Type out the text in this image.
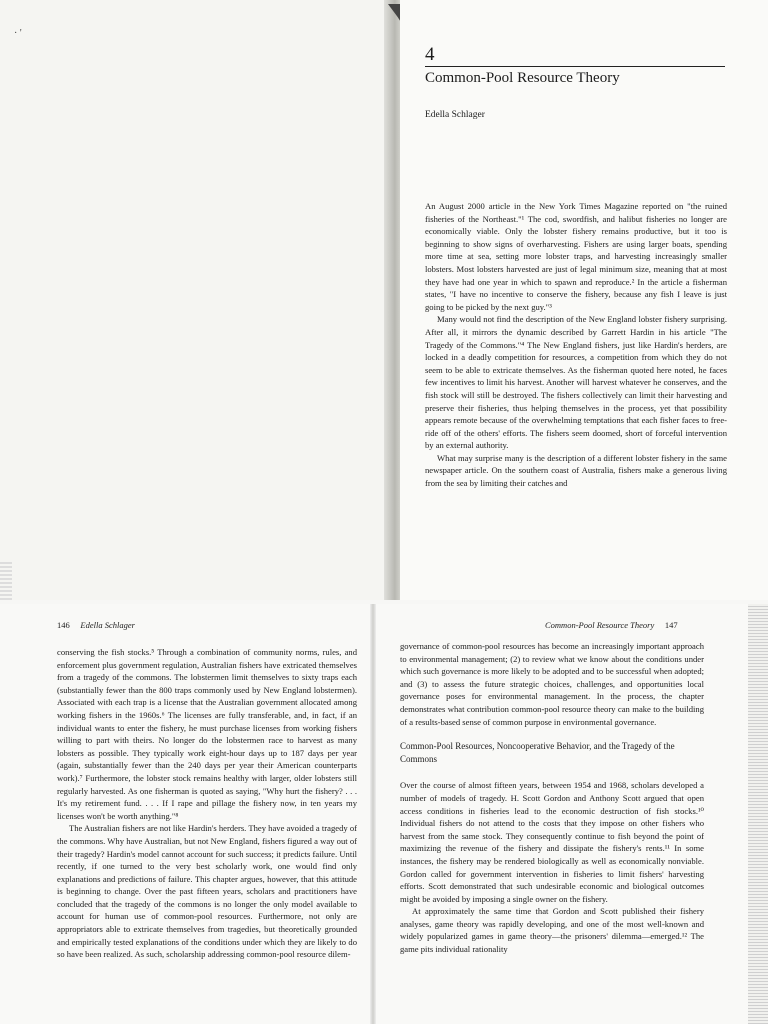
· '
4
Common-Pool Resource Theory
Edella Schlager

An August 2000 article in the New York Times Magazine reported on "the ruined fisheries of the Northeast."¹ The cod, swordfish, and halibut fisheries no longer are economically viable. Only the lobster fishery remains productive, but it too is beginning to show signs of overharvesting. Fishers are using larger boats, spending more time at sea, setting more lobster traps, and harvesting increasingly smaller lobsters. Most lobsters harvested are just of legal minimum size, meaning that at most they have had one year in which to spawn and reproduce.² In the article a fisherman states, "I have no incentive to conserve the fishery, because any fish I leave is just going to be picked by the next guy."³

Many would not find the description of the New England lobster fishery surprising. After all, it mirrors the dynamic described by Garrett Hardin in his article "The Tragedy of the Commons."⁴ The New England fishers, just like Hardin's herders, are locked in a deadly competition for resources, a competition from which they do not seem to be able to extricate themselves. As the fisherman quoted here noted, he faces few incentives to limit his harvest. Another will harvest whatever he conserves, and the fish stock will still be destroyed. The fishers collectively can limit their harvesting and preserve their fisheries, thus helping themselves in the process, yet that possibility appears remote because of the overwhelming temptations that each fisher faces to free-ride off of the others' efforts. The fishers seem doomed, short of forceful intervention by an external authority.

What may surprise many is the description of a different lobster fishery in the same newspaper article. On the southern coast of Australia, fishers make a generous living from the sea by limiting their catches and

146 Edella Schlager

conserving the fish stocks.⁵ Through a combination of community norms, rules, and enforcement plus government regulation, Australian fishers have extricated themselves from a tragedy of the commons. The lobstermen limit themselves to sixty traps each (substantially fewer than the 800 traps commonly used by New England lobstermen). Associated with each trap is a license that the Australian government allocated among working fishers in the 1960s.⁶ The licenses are fully transferable, and, in fact, if an individual wants to enter the fishery, he must purchase licenses from working fishers willing to part with theirs. No longer do the lobstermen race to harvest as many lobsters as possible. They typically work eight-hour days up to 187 days per year (again, substantially fewer than the 240 days per year their American counterparts work).⁷ Furthermore, the lobster stock remains healthy with larger, older lobsters still regularly harvested. As one fisherman is quoted as saying, "Why hurt the fishery? . . . It's my retirement fund. . . . If I rape and pillage the fishery now, in ten years my licenses won't be worth anything."⁸

The Australian fishers are not like Hardin's herders. They have avoided a tragedy of the commons. Why have Australian, but not New England, fishers figured a way out of their tragedy? Hardin's model cannot account for such success; it predicts failure. Until recently, if one turned to the very best scholarly work, one would find only explanations and predictions of failure. This chapter argues, however, that this attitude is beginning to change. Over the past fifteen years, scholars and practitioners have concluded that the tragedy of the commons is no longer the only model available to account for human use of common-pool resources. Furthermore, not only are appropriators able to extricate themselves from tragedies, but theoretically grounded and empirically tested explanations of the conditions under which they are likely to do so have been realized. As such, scholarship addressing common-pool resource dilem-

Common-Pool Resource Theory 147

governance of common-pool resources has become an increasingly important approach to environmental management; (2) to review what we know about the conditions under which such governance is more likely to be adopted and to be successful when adopted; and (3) to assess the future strategic choices, challenges, and opportunities local governance poses for environmental management. In the process, the chapter demonstrates what contribution common-pool resource theory can make to the building of a results-based sense of common purpose in environmental governance.

Common-Pool Resources, Noncooperative Behavior, and the Tragedy of the Commons

Over the course of almost fifteen years, between 1954 and 1968, scholars developed a number of models of tragedy. H. Scott Gordon and Anthony Scott argued that open access conditions in fisheries lead to the economic destruction of fish stocks.¹⁰ Individual fishers do not attend to the costs that they impose on other fishers who harvest from the same stock. They consequently continue to fish beyond the point of maximizing the revenue of the fishery and dissipate the fishery's rents.¹¹ In some instances, the fishery may be rendered biologically as well as economically nonviable. Gordon called for government intervention in fisheries to limit fishers' harvesting efforts. Scott demonstrated that such undesirable economic and biological outcomes might be avoided by imposing a single owner on the fishery.

At approximately the same time that Gordon and Scott published their fishery analyses, game theory was rapidly developing, and one of the most well-known and widely popularized games in game theory—the prisoners' dilemma—emerged.¹² The game pits individual rationality
